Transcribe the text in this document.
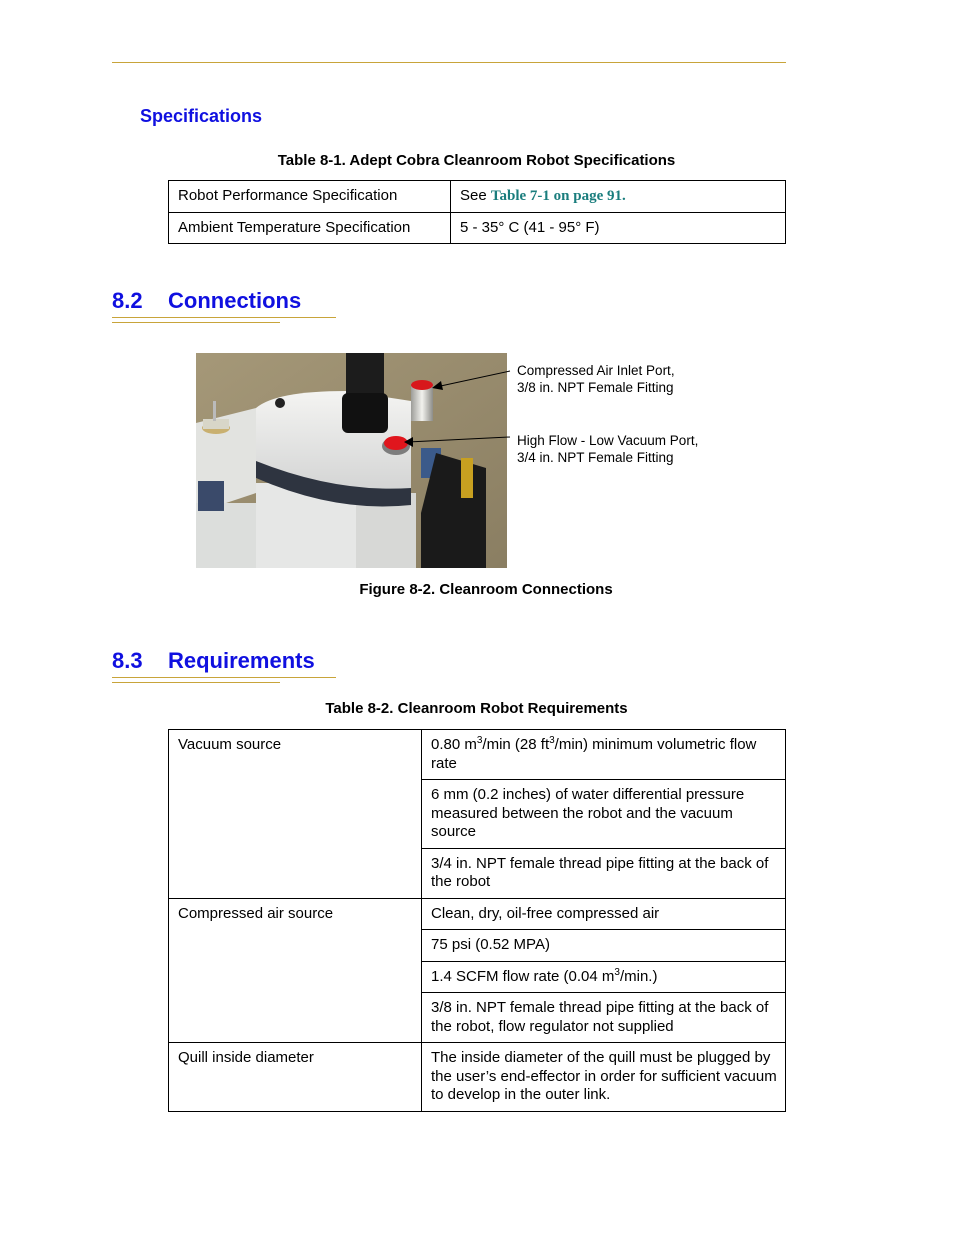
Specifications
Table 8-1. Adept Cobra Cleanroom Robot Specifications
Robot Performance Specification	See Table 7-1 on page 91.
Ambient Temperature Specification	5 - 35° C (41 - 95° F)
8.2 Connections
Compressed Air Inlet Port,
3/8 in. NPT Female Fitting
High Flow - Low Vacuum Port,
3/4 in. NPT Female Fitting
Figure 8-2. Cleanroom Connections
8.3 Requirements
Table 8-2. Cleanroom Robot Requirements
Vacuum source	0.80 $m^3/\min$ (28 $ft^3/\min$) minimum volumetric flow rate
	6 mm (0.2 inches) of water differential pressure measured between the robot and the vacuum source
	3/4 in. NPT female thread pipe fitting at the back of the robot
Compressed air source	Clean, dry, oil-free compressed air
	75 psi (0.52 MPA)
	1.4 SCFM flow rate (0.04 $m^3/\min$.)
	3/8 in. NPT female thread pipe fitting at the back of the robot, flow regulator not supplied
Quill inside diameter	The inside diameter of the quill must be plugged by the user’s end-effector in order for sufficient vacuum to develop in the outer link.
